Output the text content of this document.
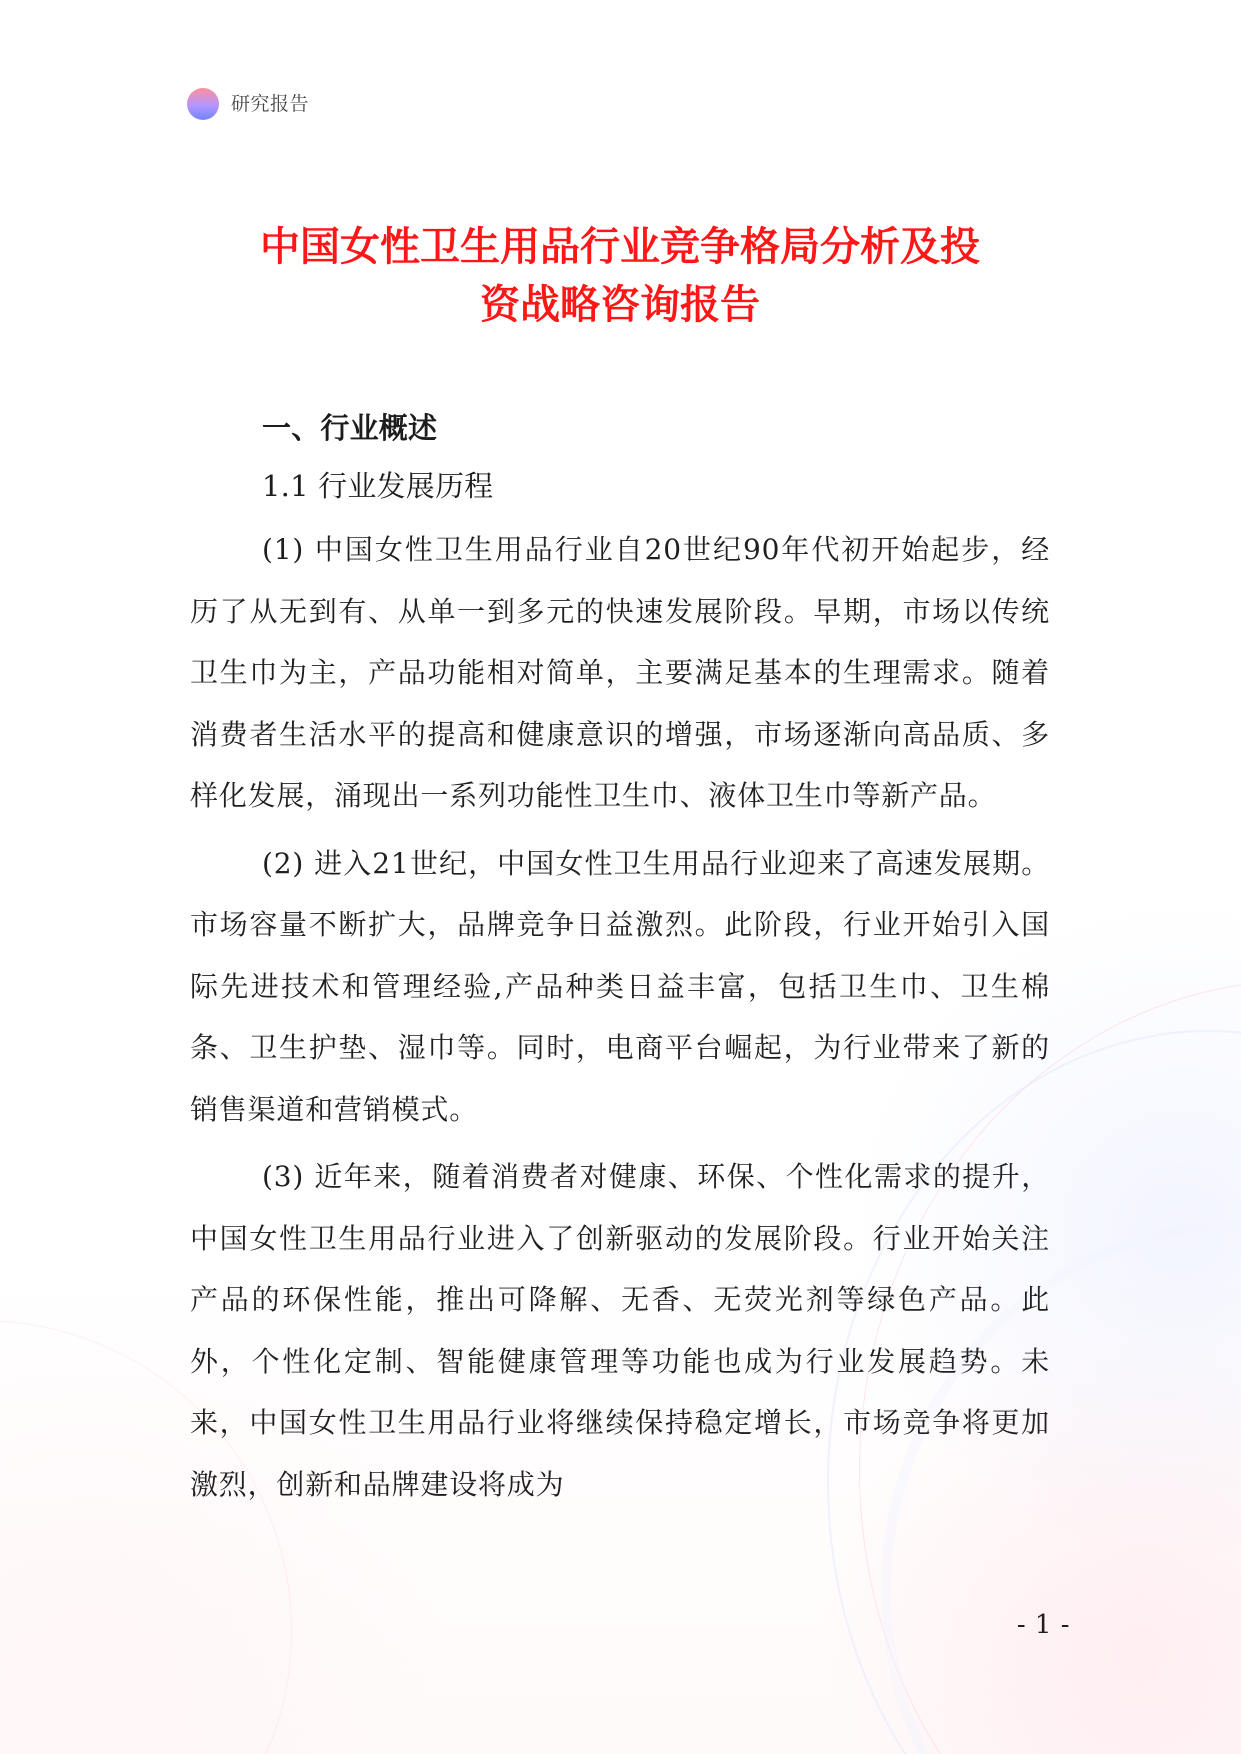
研究报告
中国女性卫生用品行业竞争格局分析及投
资战略咨询报告
一、行业概述
1.1 行业发展历程

(1) 中国女性卫生用品行业自20世纪90年代初开始起步，经历了从无到有、从单一到多元的快速发展阶段。早期，市场以传统卫生巾为主，产品功能相对简单，主要满足基本的生理需求。随着消费者生活水平的提高和健康意识的增强，市场逐渐向高品质、多样化发展，涌现出一系列功能性卫生巾、液体卫生巾等新产品。

(2) 进入21世纪，中国女性卫生用品行业迎来了高速发展期。市场容量不断扩大，品牌竞争日益激烈。此阶段，行业开始引入国际先进技术和管理经验,产品种类日益丰富，包括卫生巾、卫生棉条、卫生护垫、湿巾等。同时，电商平台崛起，为行业带来了新的销售渠道和营销模式。

(3) 近年来，随着消费者对健康、环保、个性化需求的提升，中国女性卫生用品行业进入了创新驱动的发展阶段。行业开始关注产品的环保性能，推出可降解、无香、无荧光剂等绿色产品。此外，个性化定制、智能健康管理等功能也成为行业发展趋势。未来，中国女性卫生用品行业将继续保持稳定增长，市场竞争将更加激烈，创新和品牌建设将成为

- 1 -
